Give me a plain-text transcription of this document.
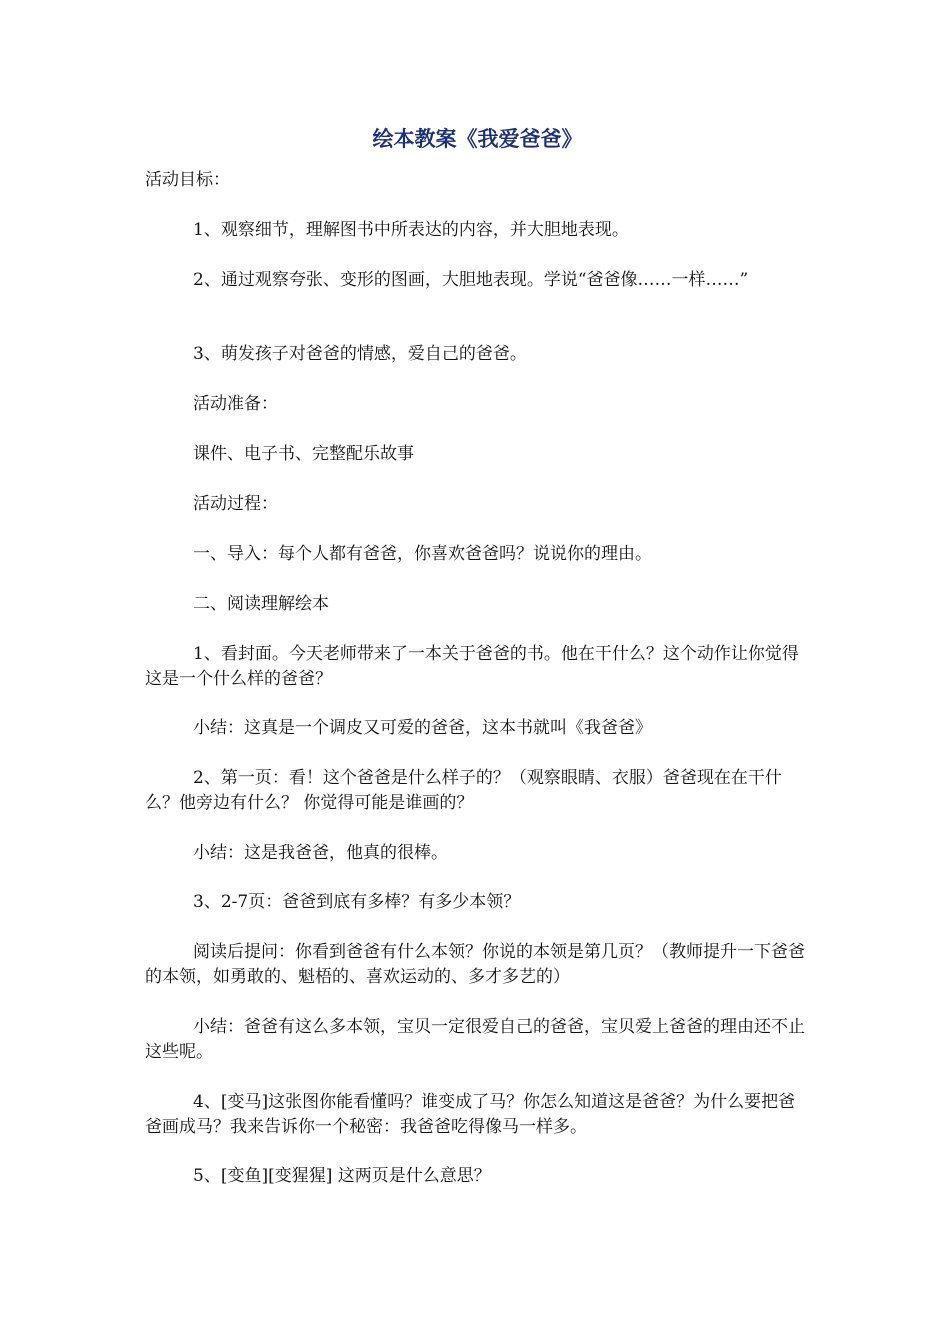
绘本教案《我爱爸爸》

活动目标：

1、观察细节，理解图书中所表达的内容，并大胆地表现。

2、通过观察夸张、变形的图画，大胆地表现。学说“爸爸像……一样……”

3、萌发孩子对爸爸的情感，爱自己的爸爸。

活动准备：

课件、电子书、完整配乐故事

活动过程：

一、导入：每个人都有爸爸，你喜欢爸爸吗？说说你的理由。

二、阅读理解绘本

1、看封面。今天老师带来了一本关于爸爸的书。他在干什么？这个动作让你觉得这是一个什么样的爸爸？

小结：这真是一个调皮又可爱的爸爸，这本书就叫《我爸爸》

2、第一页：看！这个爸爸是什么样子的？（观察眼睛、衣服）爸爸现在在干什么？他旁边有什么？ 你觉得可能是谁画的？

小结：这是我爸爸，他真的很棒。

3、2-7页：爸爸到底有多棒？有多少本领？

阅读后提问：你看到爸爸有什么本领？你说的本领是第几页？（教师提升一下爸爸的本领，如勇敢的、魁梧的、喜欢运动的、多才多艺的）

小结：爸爸有这么多本领，宝贝一定很爱自己的爸爸，宝贝爱上爸爸的理由还不止这些呢。

4、[变马]这张图你能看懂吗？谁变成了马？你怎么知道这是爸爸？为什么要把爸爸画成马？我来告诉你一个秘密：我爸爸吃得像马一样多。

5、[变鱼][变猩猩] 这两页是什么意思？
